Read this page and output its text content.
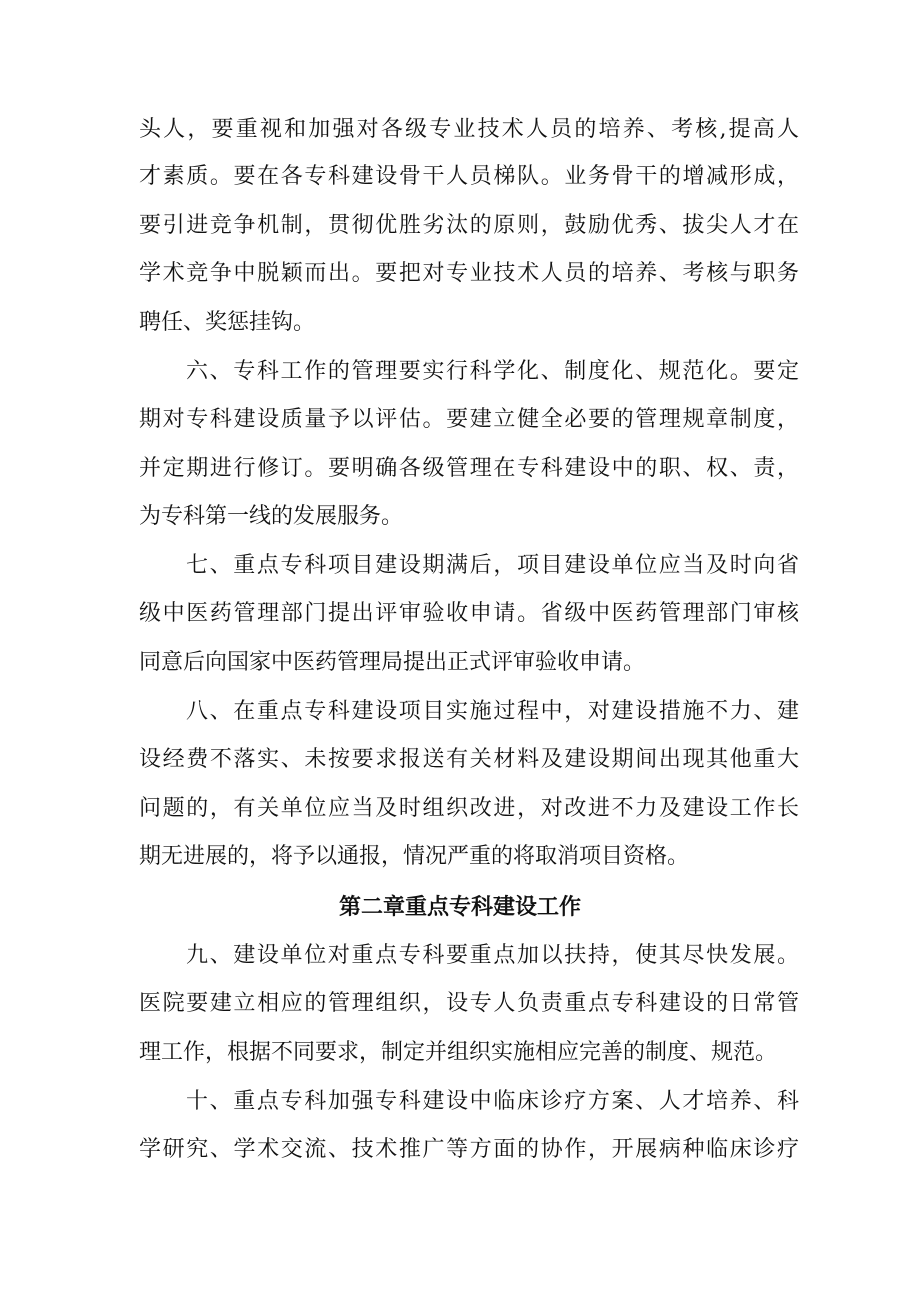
头人，要重视和加强对各级专业技术人员的培养、考核,提高人
才素质。要在各专科建设骨干人员梯队。业务骨干的增减形成，
要引进竞争机制，贯彻优胜劣汰的原则，鼓励优秀、拔尖人才在
学术竞争中脱颖而出。要把对专业技术人员的培养、考核与职务
聘任、奖惩挂钩。
六、专科工作的管理要实行科学化、制度化、规范化。要定
期对专科建设质量予以评估。要建立健全必要的管理规章制度，
并定期进行修订。要明确各级管理在专科建设中的职、权、责，
为专科第一线的发展服务。
七、重点专科项目建设期满后，项目建设单位应当及时向省
级中医药管理部门提出评审验收申请。省级中医药管理部门审核
同意后向国家中医药管理局提出正式评审验收申请。
八、在重点专科建设项目实施过程中，对建设措施不力、建
设经费不落实、未按要求报送有关材料及建设期间出现其他重大
问题的，有关单位应当及时组织改进，对改进不力及建设工作长
期无进展的，将予以通报，情况严重的将取消项目资格。
第二章重点专科建设工作
九、建设单位对重点专科要重点加以扶持，使其尽快发展。
医院要建立相应的管理组织，设专人负责重点专科建设的日常管
理工作，根据不同要求，制定并组织实施相应完善的制度、规范。
十、重点专科加强专科建设中临床诊疗方案、人才培养、科
学研究、学术交流、技术推广等方面的协作，开展病种临床诊疗
